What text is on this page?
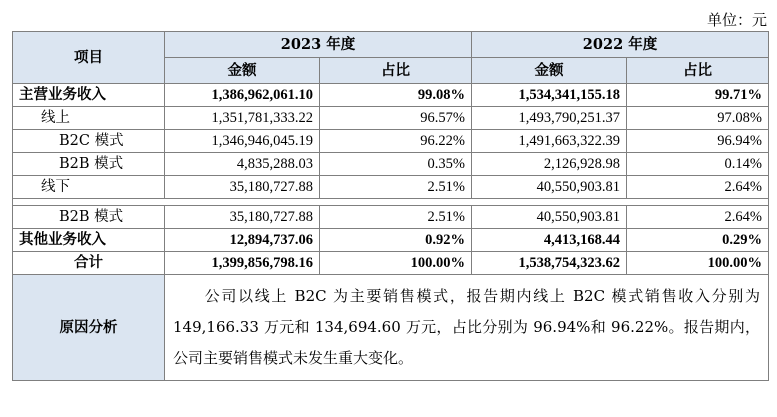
单位：元
项目	2023 年度		2022 年度	
	金额	占比	金额	占比
主营业务收入	1,386,962,061.10	99.08%	1,534,341,155.18	99.71%
线上	1,351,781,333.22	96.57%	1,493,790,251.37	97.08%
B2C 模式	1,346,946,045.19	96.22%	1,491,663,322.39	96.94%
B2B 模式	4,835,288.03	0.35%	2,126,928.98	0.14%
线下	35,180,727.88	2.51%	40,550,903.81	2.64%

B2B 模式	35,180,727.88	2.51%	40,550,903.81	2.64%
其他业务收入	12,894,737.06	0.92%	4,413,168.44	0.29%
合计	1,399,856,798.16	100.00%	1,538,754,323.62	100.00%
原因分析	公司以线上 B2C 为主要销售模式，报告期内线上 B2C 模式销售收入分别为 149,166.33 万元和 134,694.60 万元，占比分别为 96.94%和 96.22%。报告期内，公司主要销售模式未发生重大变化。			
